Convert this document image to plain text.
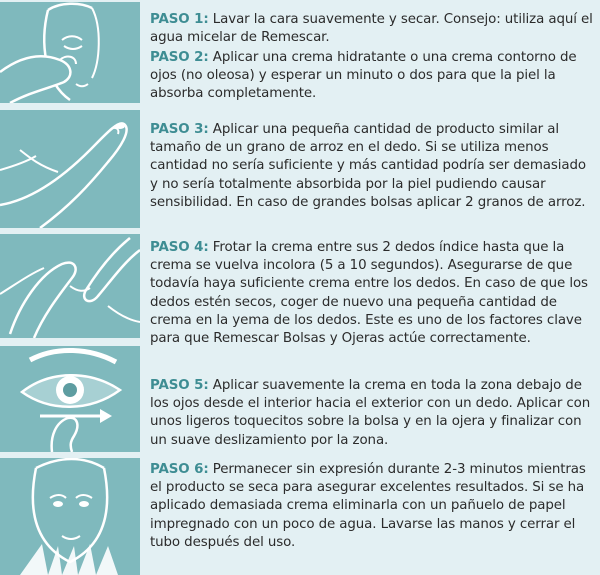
PASO 1: Lavar la cara suavemente y secar. Consejo: utiliza aquí el agua micelar de Remescar.
PASO 2: Aplicar una crema hidratante o una crema contorno de ojos (no oleosa) y esperar un minuto o dos para que la piel la absorba completamente.
PASO 3: Aplicar una pequeña cantidad de producto similar al tamaño de un grano de arroz en el dedo. Si se utiliza menos cantidad no sería suficiente y más cantidad podría ser demasiado y no sería totalmente absorbida por la piel pudiendo causar sensibilidad. En caso de grandes bolsas aplicar 2 granos de arroz.
PASO 4: Frotar la crema entre sus 2 dedos índice hasta que la crema se vuelva incolora (5 a 10 segundos). Asegurarse de que todavía haya suficiente crema entre los dedos. En caso de que los dedos estén secos, coger de nuevo una pequeña cantidad de crema en la yema de los dedos. Este es uno de los factores clave para que Remescar Bolsas y Ojeras actúe correctamente.
PASO 5: Aplicar suavemente la crema en toda la zona debajo de los ojos desde el interior hacia el exterior con un dedo. Aplicar con unos ligeros toquecitos sobre la bolsa y en la ojera y finalizar con un suave deslizamiento por la zona.
PASO 6: Permanecer sin expresión durante 2-3 minutos mientras el producto se seca para asegurar excelentes resultados. Si se ha aplicado demasiada crema eliminarla con un pañuelo de papel impregnado con un poco de agua. Lavarse las manos y cerrar el tubo después del uso.
